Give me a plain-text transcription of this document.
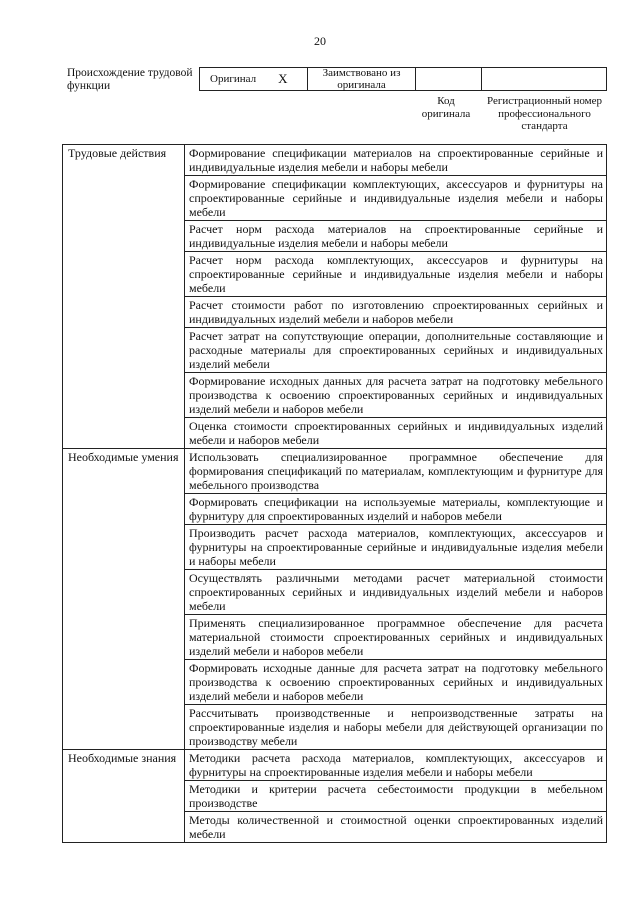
20
Происхождение трудовой функции
Оригинал X	Заимствовано из
оригинала
Код оригинала
Регистрационный номер профессионального стандарта
Трудовые действия	Формирование спецификации материалов на спроектированные серийные и индивидуальные изделия мебели и наборы мебели
	Формирование спецификации комплектующих, аксессуаров и фурнитуры на спроектированные серийные и индивидуальные изделия мебели и наборы мебели
	Расчет норм расхода материалов на спроектированные серийные и индивидуальные изделия мебели и наборы мебели
	Расчет норм расхода комплектующих, аксессуаров и фурнитуры на спроектированные серийные и индивидуальные изделия мебели и наборы мебели
	Расчет стоимости работ по изготовлению спроектированных серийных и индивидуальных изделий мебели и наборов мебели
	Расчет затрат на сопутствующие операции, дополнительные составляющие и расходные материалы для спроектированных серийных и индивидуальных изделий мебели
	Формирование исходных данных для расчета затрат на подготовку мебельного производства к освоению спроектированных серийных и индивидуальных изделий мебели и наборов мебели
	Оценка стоимости спроектированных серийных и индивидуальных изделий мебели и наборов мебели
Необходимые умения	Использовать специализированное программное обеспечение для формирования спецификаций по материалам, комплектующим и фурнитуре для мебельного производства
	Формировать спецификации на используемые материалы, комплектующие и фурнитуру для спроектированных изделий и наборов мебели
	Производить расчет расхода материалов, комплектующих, аксессуаров и фурнитуры на спроектированные серийные и индивидуальные изделия мебели и наборы мебели
	Осуществлять различными методами расчет материальной стоимости спроектированных серийных и индивидуальных изделий мебели и наборов мебели
	Применять специализированное программное обеспечение для расчета материальной стоимости спроектированных серийных и индивидуальных изделий мебели и наборов мебели
	Формировать исходные данные для расчета затрат на подготовку мебельного производства к освоению спроектированных серийных и индивидуальных изделий мебели и наборов мебели
	Рассчитывать производственные и непроизводственные затраты на спроектированные изделия и наборы мебели для действующей организации по производству мебели
Необходимые знания	Методики расчета расхода материалов, комплектующих, аксессуаров и фурнитуры на спроектированные изделия мебели и наборы мебели
	Методики и критерии расчета себестоимости продукции в мебельном производстве
	Методы количественной и стоимостной оценки спроектированных изделий мебели
